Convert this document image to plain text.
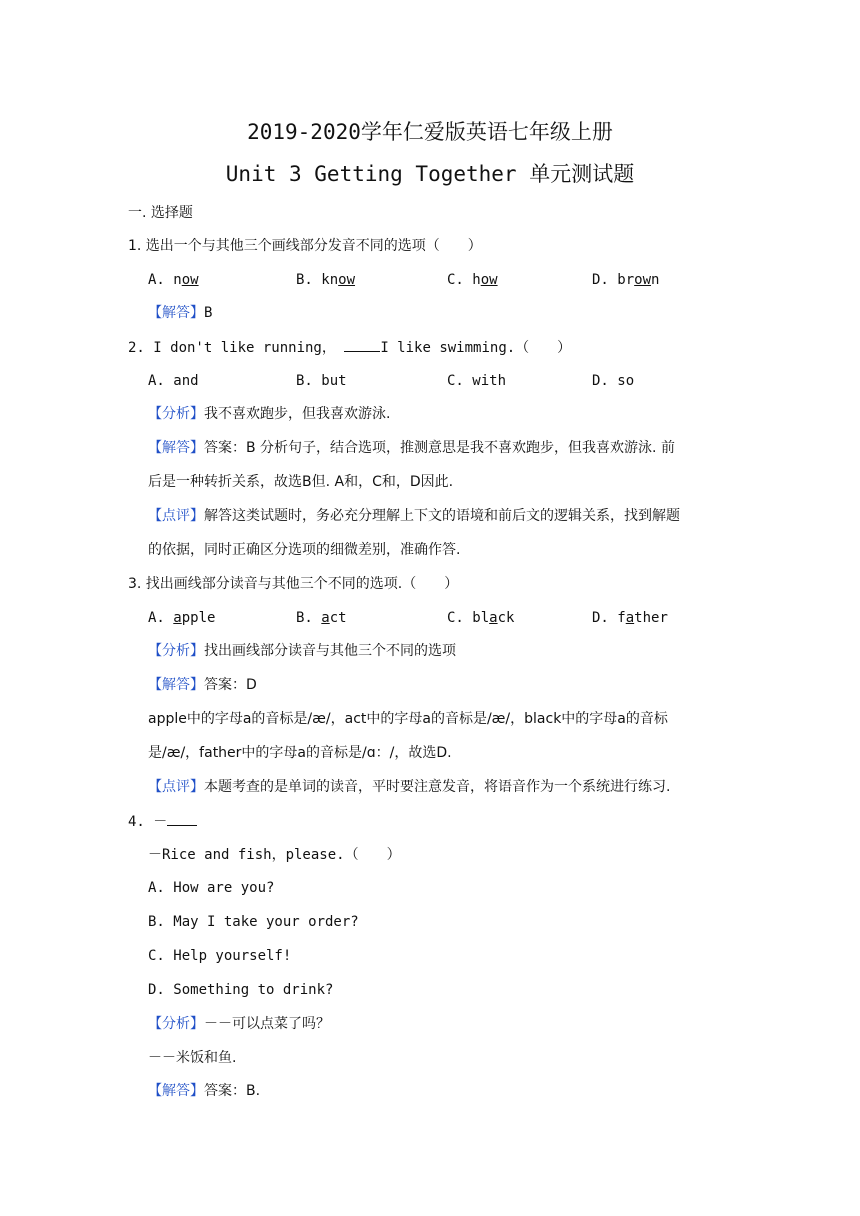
2019-2020学年仁爱版英语七年级上册
Unit 3 Getting Together 单元测试题
一. 选择题
1. 选出一个与其他三个画线部分发音不同的选项（　　）
A. now	B. know	C. how	D. brown
【解答】B
2. I don't like running，	I like swimming.（　　）
A. and	B. but	C. with	D. so
【分析】我不喜欢跑步，但我喜欢游泳.
【解答】答案：B 分析句子，结合选项，推测意思是我不喜欢跑步，但我喜欢游泳. 前
后是一种转折关系，故选B但. A和，C和，D因此.
【点评】解答这类试题时，务必充分理解上下文的语境和前后文的逻辑关系，找到解题
的依据，同时正确区分选项的细微差别，准确作答.
3. 找出画线部分读音与其他三个不同的选项.（　　）
A. apple	B. act	C. black	D. father
【分析】找出画线部分读音与其他三个不同的选项
【解答】答案：D
apple中的字母a的音标是/æ/，act中的字母a的音标是/æ/，black中的字母a的音标
是/æ/，father中的字母a的音标是/ɑ：/，故选D.
【点评】本题考查的是单词的读音，平时要注意发音，将语音作为一个系统进行练习.
4. －
－Rice and fish，please.（　　）
A. How are you?
B. May I take your order?
C. Help yourself!
D. Something to drink?
【分析】－－可以点菜了吗？
－－米饭和鱼.
【解答】答案：B.
